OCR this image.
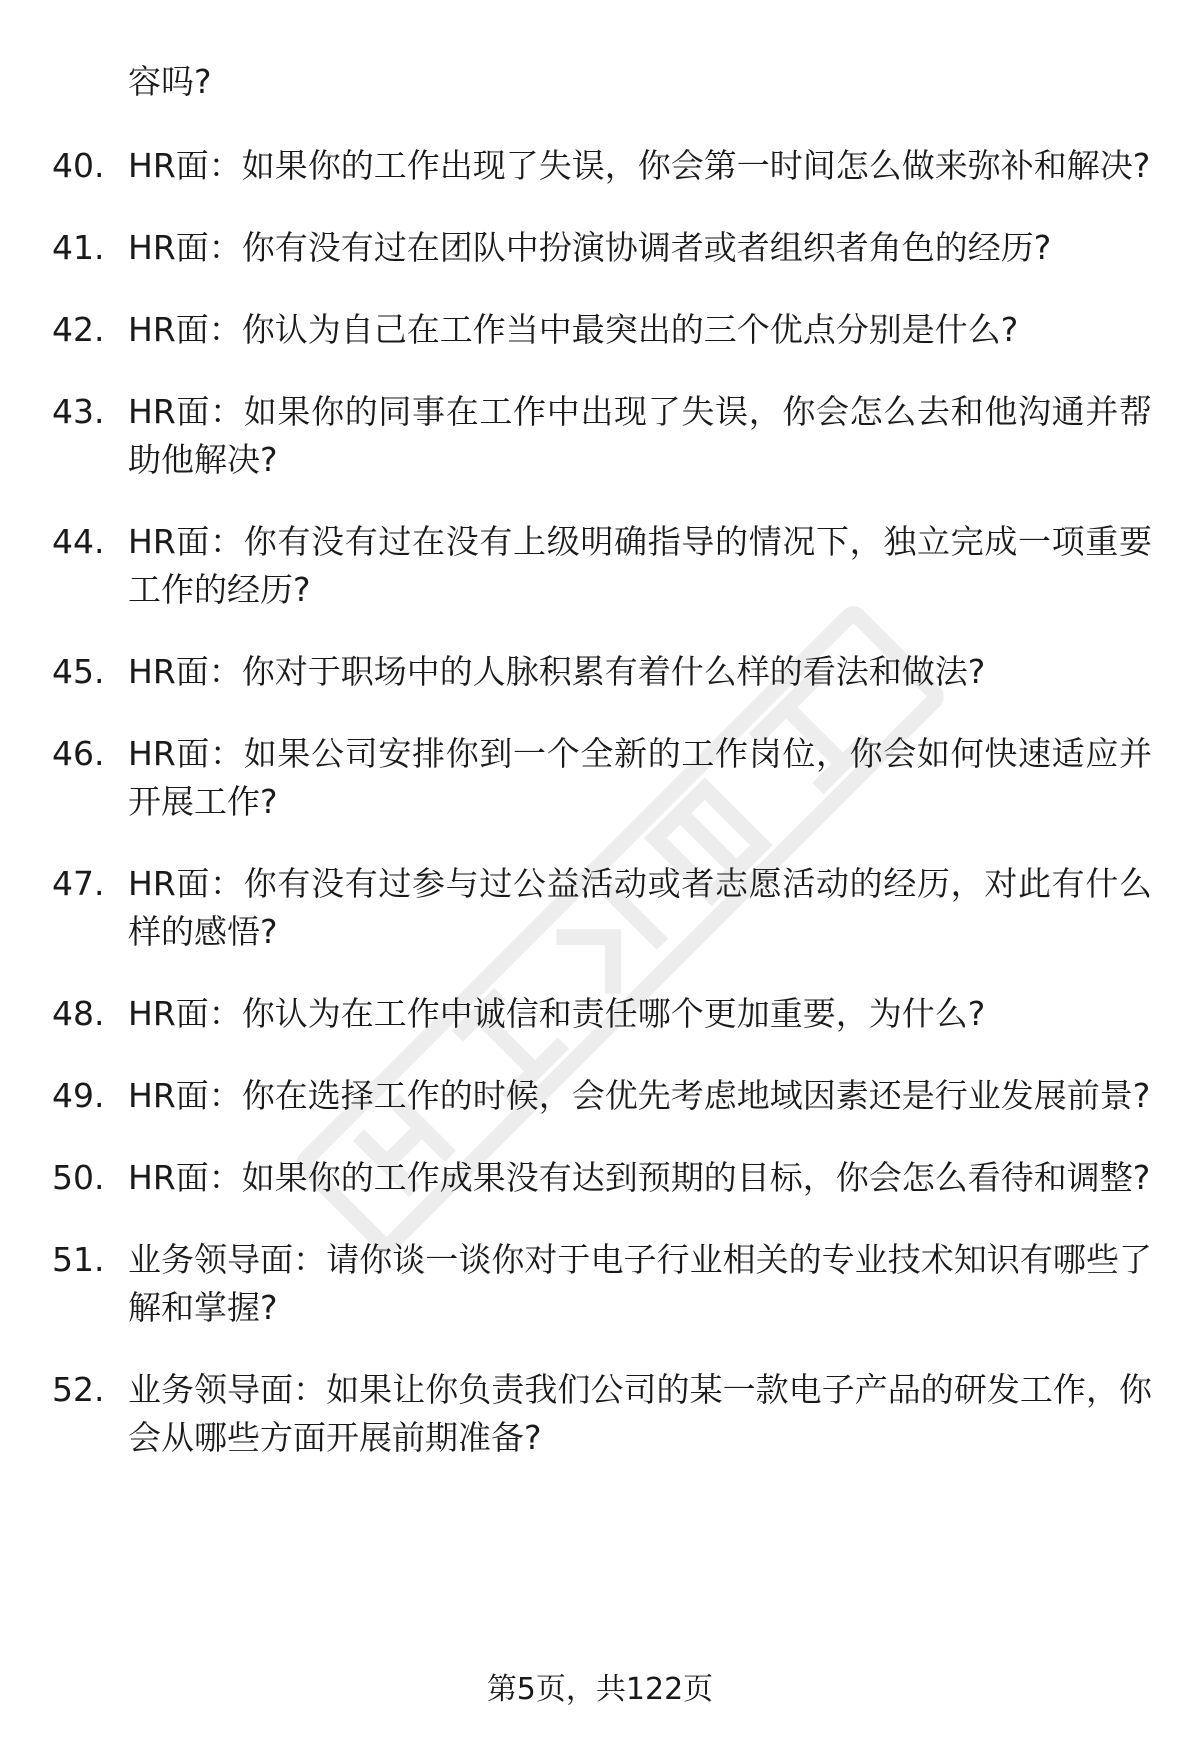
容吗?
40. HR面：如果你的工作出现了失误，你会第一时间怎么做来弥补和解决?
41. HR面：你有没有过在团队中扮演协调者或者组织者角色的经历?
42. HR面：你认为自己在工作当中最突出的三个优点分别是什么?
43. HR面：如果你的同事在工作中出现了失误，你会怎么去和他沟通并帮助他解决?
44. HR面：你有没有过在没有上级明确指导的情况下，独立完成一项重要工作的经历?
45. HR面：你对于职场中的人脉积累有着什么样的看法和做法?
46. HR面：如果公司安排你到一个全新的工作岗位，你会如何快速适应并开展工作?
47. HR面：你有没有过参与过公益活动或者志愿活动的经历，对此有什么样的感悟?
48. HR面：你认为在工作中诚信和责任哪个更加重要，为什么?
49. HR面：你在选择工作的时候，会优先考虑地域因素还是行业发展前景?
50. HR面：如果你的工作成果没有达到预期的目标，你会怎么看待和调整?
51. 业务领导面：请你谈一谈你对于电子行业相关的专业技术知识有哪些了解和掌握?
52. 业务领导面：如果让你负责我们公司的某一款电子产品的研发工作，你会从哪些方面开展前期准备?
第5页，共122页
